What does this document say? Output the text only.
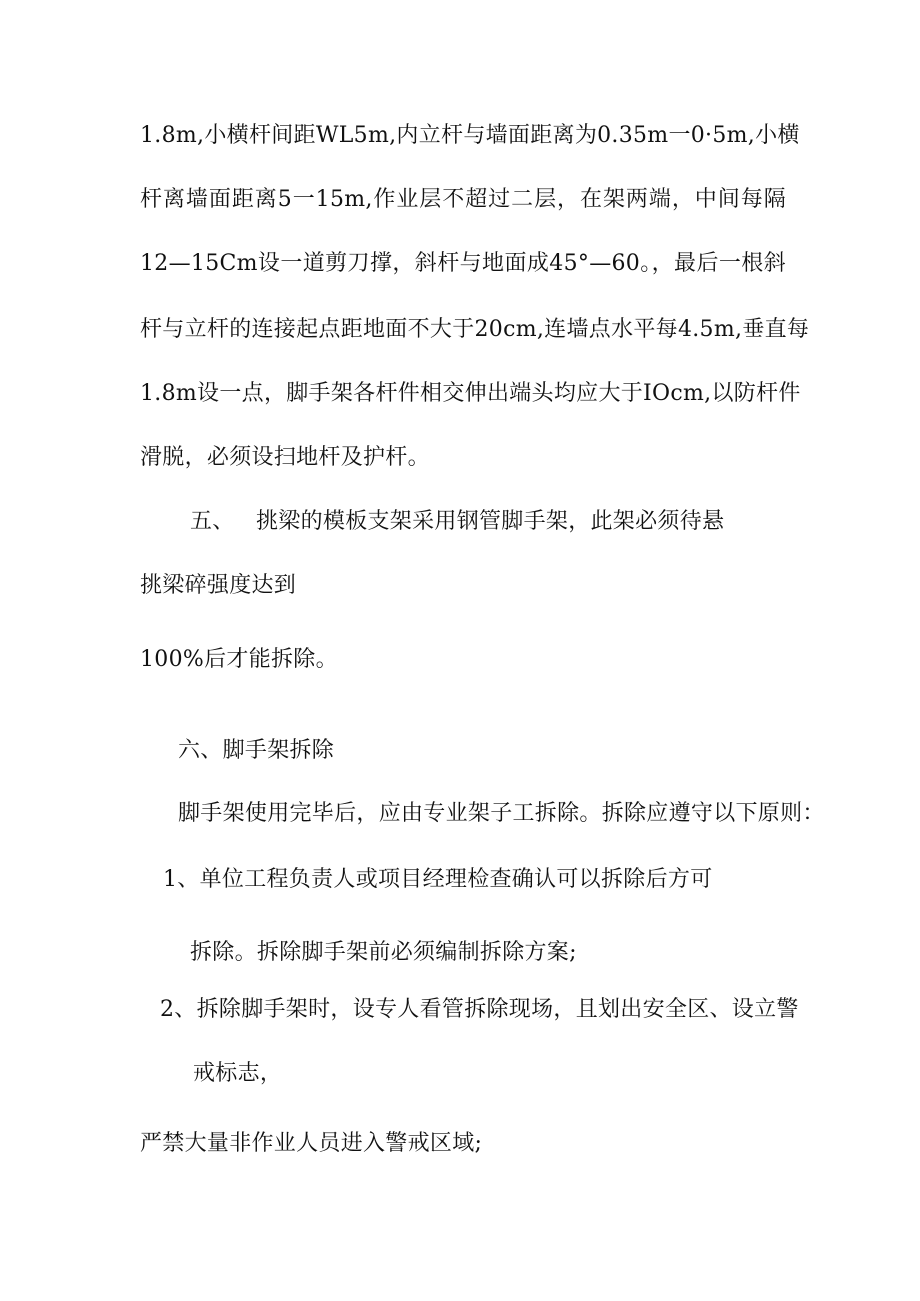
1.8m,小横杆间距WL5m,内立杆与墙面距离为0.35m一0·5m,小横
杆离墙面距离5一15m,作业层不超过二层，在架两端，中间每隔
12—15Cm设一道剪刀撑，斜杆与地面成45°—60。，最后一根斜
杆与立杆的连接起点距地面不大于20cm,连墙点水平每4.5m,垂直每
1.8m设一点，脚手架各杆件相交伸出端头均应大于IOcm,以防杆件
滑脱，必须设扫地杆及护杆。
五、 挑梁的模板支架采用钢管脚手架，此架必须待悬
挑梁碎强度达到
100%后才能拆除。
六、脚手架拆除
脚手架使用完毕后，应由专业架子工拆除。拆除应遵守以下原则：
1、单位工程负责人或项目经理检查确认可以拆除后方可
拆除。拆除脚手架前必须编制拆除方案;
2、拆除脚手架时，设专人看管拆除现场，且划出安全区、设立警
戒标志，
严禁大量非作业人员进入警戒区域;
